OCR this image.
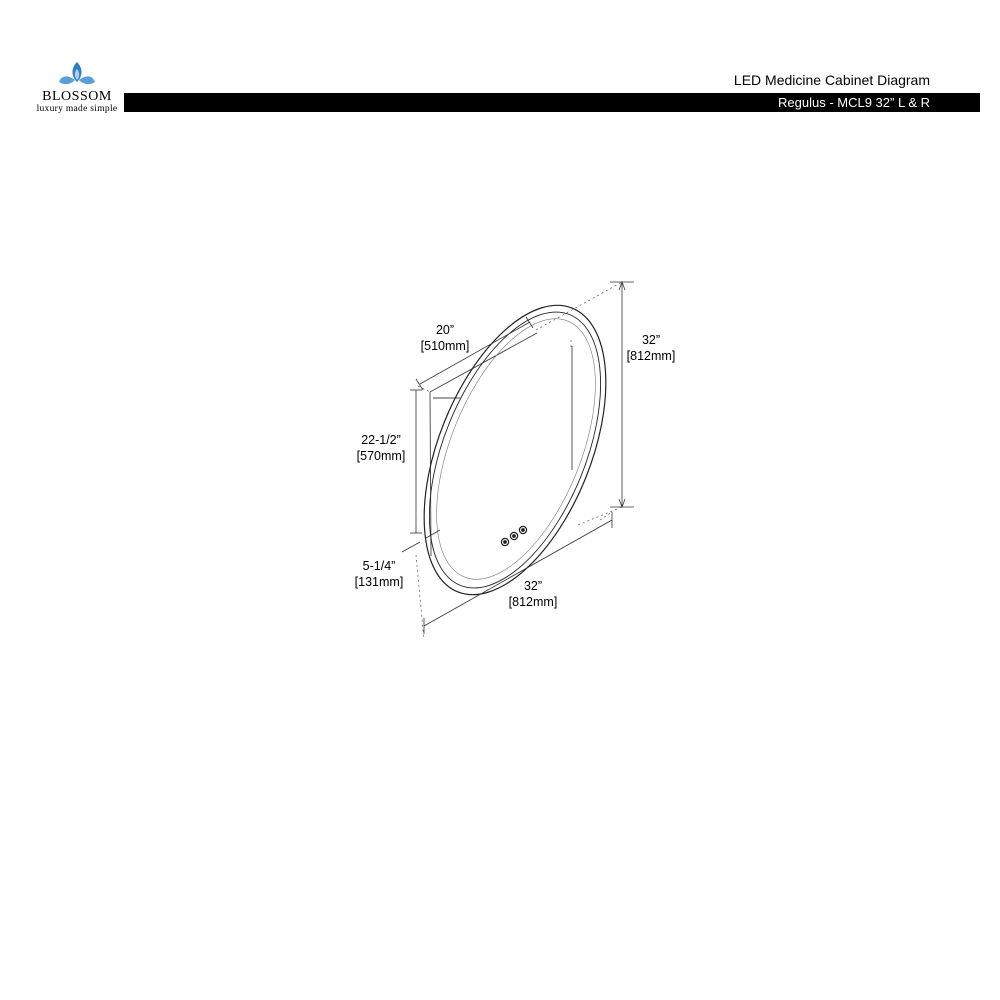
BLOSSOM
luxury made simple
LED Medicine Cabinet Diagram
Regulus - MCL9 32” L & R
20”
[510mm]	32”
[812mm]
22-1/2”
[570mm]
5-1/4”
[131mm]	32”
[812mm]
